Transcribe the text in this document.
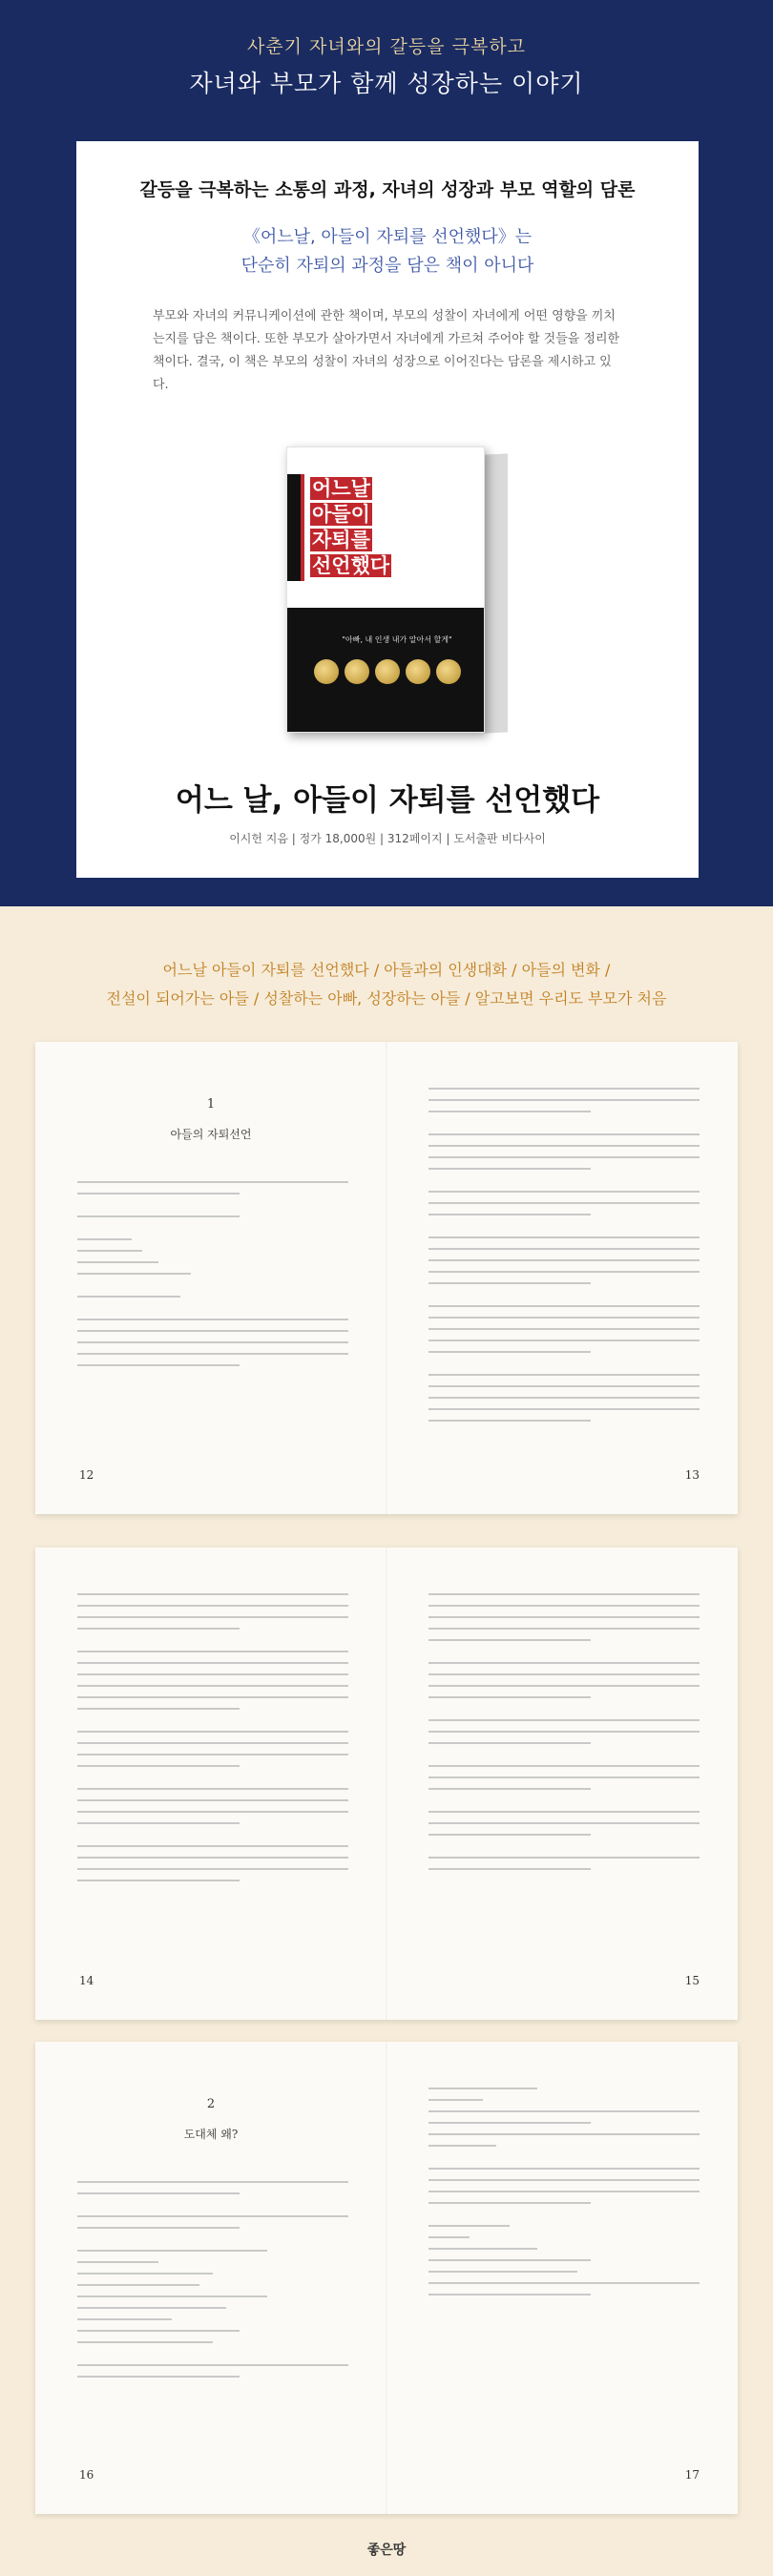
사춘기 자녀와의 갈등을 극복하고
자녀와 부모가 함께 성장하는 이야기
갈등을 극복하는 소통의 과정, 자녀의 성장과 부모 역할의 담론
《어느날, 아들이 자퇴를 선언했다》는
단순히 자퇴의 과정을 담은 책이 아니다
부모와 자녀의 커뮤니케이션에 관한 책이며, 부모의 성찰이 자녀에게 어떤 영향을 끼치는지를 담은 책이다. 또한 부모가 살아가면서 자녀에게 가르쳐 주어야 할 것들을 정리한 책이다. 결국, 이 책은 부모의 성찰이 자녀의 성장으로 이어진다는 담론을 제시하고 있다.
어느날
아들이
자퇴를
선언했다
"아빠, 내 인생 내가 알아서 할게"
어느 날, 아들이 자퇴를 선언했다
이시헌 지음 | 정가 18,000원 | 312페이지 | 도서출판 비다사이
어느날 아들이 자퇴를 선언했다 / 아들과의 인생대화 / 아들의 변화 /
전설이 되어가는 아들 / 성찰하는 아빠, 성장하는 아들 / 알고보면 우리도 부모가 처음
1
아들의 자퇴선언
12	13
14	15
2
도대체 왜?
16	17
좋은땅
